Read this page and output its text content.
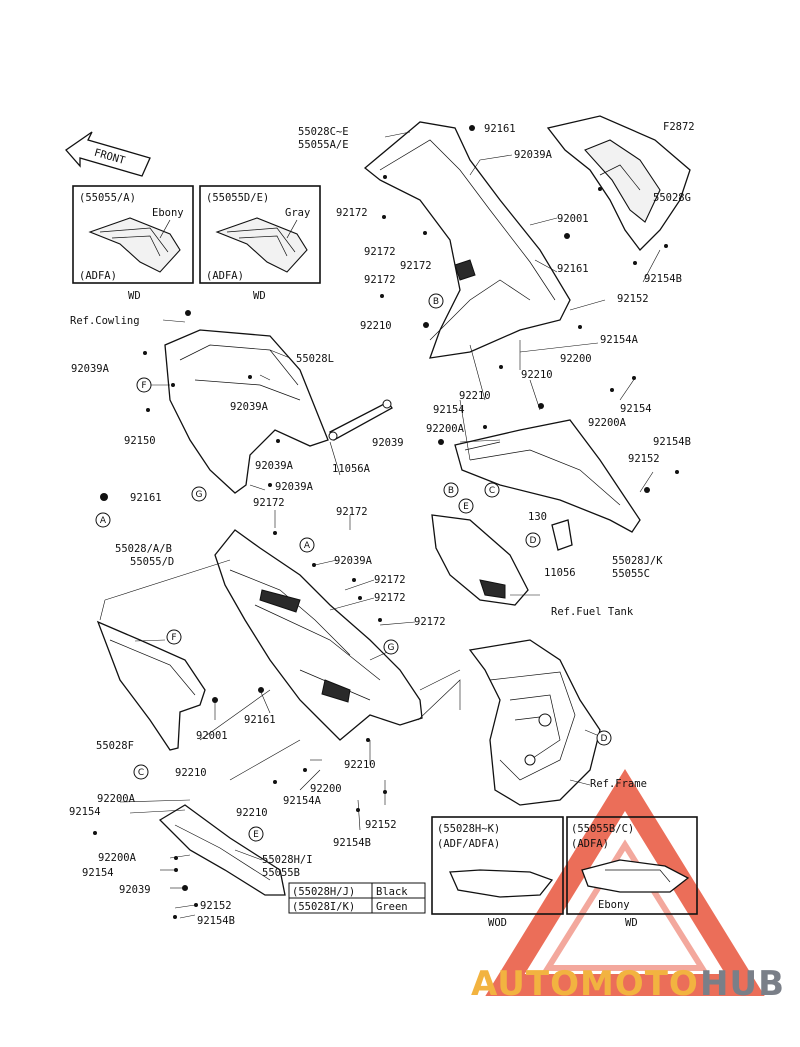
FRONT
F2872
(55055/A)
Ebony
(ADFA)
WD
(55055D/E)
Gray
(ADFA)
WD
(55028H/J) Black
(55028I/K) Green
(55028H~K)
(ADF/ADFA)
WOD
(55055B/C)
(ADFA)
Ebony
WD
B
F
G
A
B	C
E
D
A
G
F
D
C
E
55028C~E
55055A/E
92161
92039A
92172	92001
92172
92172
92172
92161
92154B
92152
92210
92154A
92200
92210
92210
92154
92200A
92154
92200A
92039	92154B
92152
130
11056
55028J/K
55055C
Ref.Fuel Tank
Ref.Cowling
92039A
55028L
92039A
92150
92039A	11056A
92039A
92161	92172
55028/A/B
55055/D
92172
92039A
92172
92172
92172
55028G
55028F
92161
92001
92210
92200
92154A
92210
92210
92152
92154B
Ref.Frame
92154
92200A
92200A
92154
92039
92152
92154B
55028H/I
55055B
AUTOMOTO HUB
